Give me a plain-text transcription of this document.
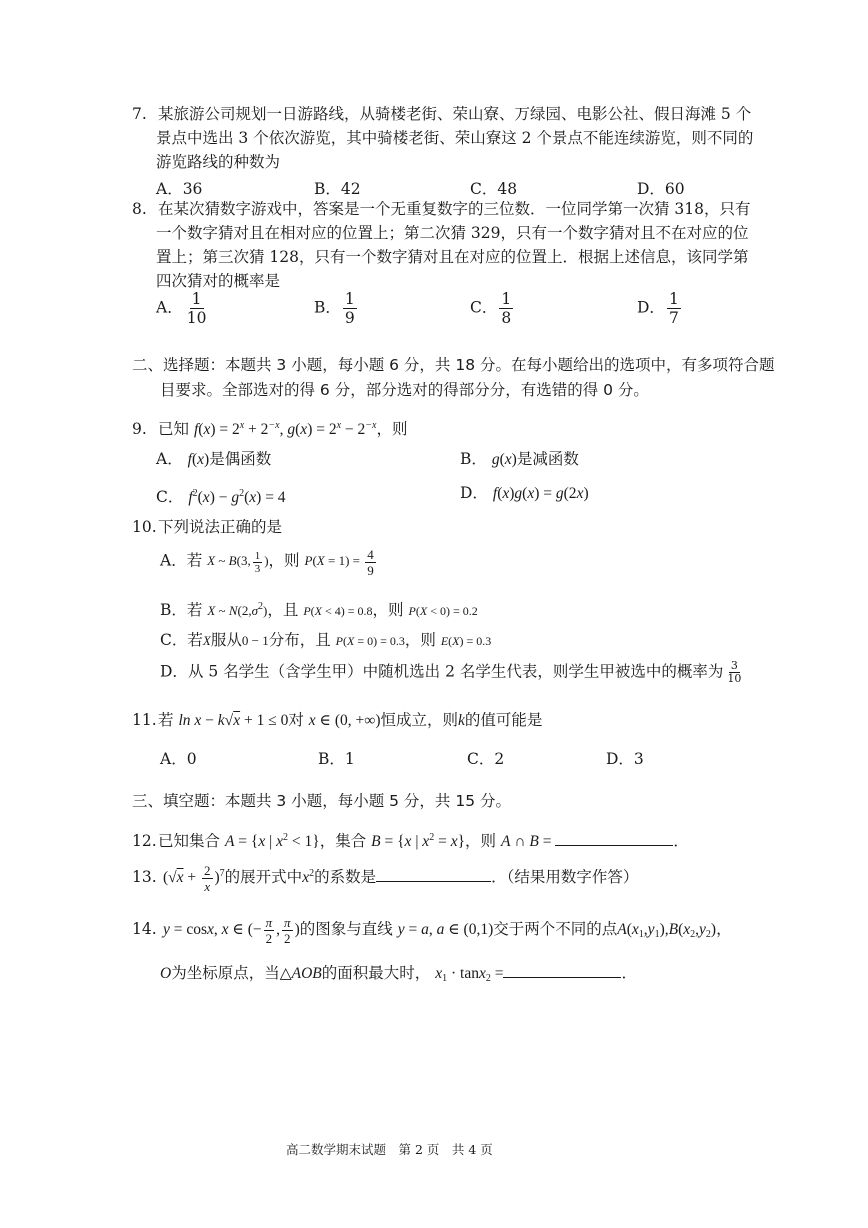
7. 某旅游公司规划一日游路线，从骑楼老街、荣山寮、万绿园、电影公社、假日海滩 5 个
景点中选出 3 个依次游览，其中骑楼老街、荣山寮这 2 个景点不能连续游览，则不同的
游览路线的种数为
A．36	B．42	C．48	D．60
8. 在某次猜数字游戏中，答案是一个无重复数字的三位数．一位同学第一次猜 318，只有
一个数字猜对且在相对应的位置上；第二次猜 329，只有一个数字猜对且不在对应的位
置上；第三次猜 128，只有一个数字猜对且在对应的位置上．根据上述信息，该同学第
四次猜对的概率是
A． $\frac{1}{10}$	B． $\frac{1}{9}$	C． $\frac{1}{8}$	D． $\frac{1}{7}$
二、选择题：本题共 3 小题，每小题 6 分，共 18 分。在每小题给出的选项中，有多项符合题
目要求。全部选对的得 6 分，部分选对的得部分分，有选错的得 0 分。
9. 已知 $f(x) = 2^x + 2^{-x}$, $g(x) = 2^x - 2^{-x}$，则
A． f(x)是偶函数	B． g(x)是减函数
C． $f^2(x) - g^2(x) = 4$	D． f(x)g(x) = g(2x)
10.下列说法正确的是
A．若 X ~ B(3, $\frac{1}{3}$ )，则 $P(X = 1) = \frac{4}{9}$
B．若 X ~ $N(2,\sigma^2)$，且 P(X < 4) = 0.8，则 P(X < 0) = 0.2
C．若X服从0 − 1分布，且 P(X = 0) = 0.3，则 E(X) = 0.3
D．从 5 名学生（含学生甲）中随机选出 2 名学生代表，则学生甲被选中的概率为 $\frac{3}{10}$
11.若 ln x − k√x + 1 ≤ 0对 x ∈ (0, +∞)恒成立，则k的值可能是
A．0	B．1	C．2	D．3
三、填空题：本题共 3 小题，每小题 5 分，共 15 分。
12.已知集合 A = {x | $x^2 < 1$}，集合 B = {x | $x^2 = x$}，则 A ∩ B =	．
13. $(√x + \frac{2}{x} )^7$的展开式中$x^2$的系数是	．（结果用数字作答）
14. y = cosx, x ∈ (− $\frac{\pi}{2}$ , $\frac{\pi}{2}$ )的图象与直线 y = a, a ∈ (0,1)交于两个不同的点$A(x_1,y_1),B(x_2,y_2)$，
O为坐标原点，当△AOB的面积最大时， $x_1 \cdot \tan x_2$ =	．
高二数学期末试题　第 2 页　共 4 页
